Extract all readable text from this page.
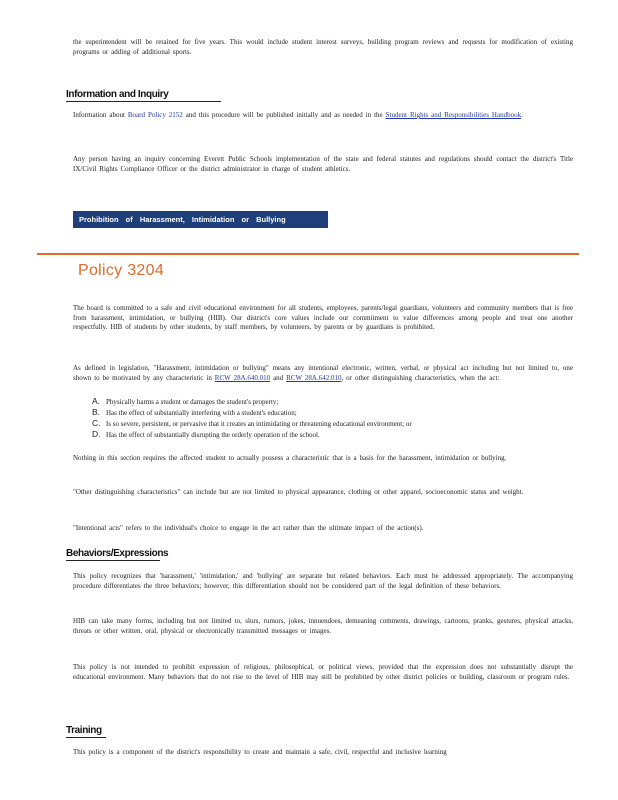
the superintendent will be retained for five years. This would include student interest surveys, building program reviews and requests for modification of existing programs or adding of additional sports.
Information and Inquiry
Information about Board Policy 2152 and this procedure will be published initially and as needed in the Student Rights and Responsibilities Handbook.
Any person having an inquiry concerning Everett Public Schools implementation of the state and federal statutes and regulations should contact the district's Title IX/Civil Rights Compliance Officer or the district administrator in charge of student athletics.
Prohibition of Harassment, Intimidation or Bullying
Policy 3204
The board is committed to a safe and civil educational environment for all students, employees, parents/legal guardians, volunteers and community members that is free from harassment, intimidation, or bullying (HIB). Our district's core values include our commitment to value differences among people and treat one another respectfully. HIB of students by other students, by staff members, by volunteers, by parents or by guardians is prohibited.
As defined in legislation, "Harassment, intimidation or bullying" means any intentional electronic, written, verbal, or physical act including but not limited to, one shown to be motivated by any characteristic in RCW 28A.640.010 and RCW 28A.642.010, or other distinguishing characteristics, when the act:
A. Physically harms a student or damages the student's property;
B. Has the effect of substantially interfering with a student's education;
C. Is so severe, persistent, or pervasive that it creates an intimidating or threatening educational environment; or
D. Has the effect of substantially disrupting the orderly operation of the school.
Nothing in this section requires the affected student to actually possess a characteristic that is a basis for the harassment, intimidation or bullying.
"Other distinguishing characteristics" can include but are not limited to physical appearance, clothing or other apparel, socioeconomic status and weight.
"Intentional acts" refers to the individual's choice to engage in the act rather than the ultimate impact of the action(s).
Behaviors/Expressions
This policy recognizes that 'harassment,' 'intimidation,' and 'bullying' are separate but related behaviors. Each must be addressed appropriately. The accompanying procedure differentiates the three behaviors; however, this differentiation should not be considered part of the legal definition of these behaviors.
HIB can take many forms, including but not limited to, slurs, rumors, jokes, innuendoes, demeaning comments, drawings, cartoons, pranks, gestures, physical attacks, threats or other written, oral, physical or electronically transmitted messages or images.
This policy is not intended to prohibit expression of religious, philosophical, or political views, provided that the expression does not substantially disrupt the educational environment. Many behaviors that do not rise to the level of HIB may still be prohibited by other district policies or building, classroom or program rules.
Training
This policy is a component of the district's responsibility to create and maintain a safe, civil, respectful and inclusive learning
